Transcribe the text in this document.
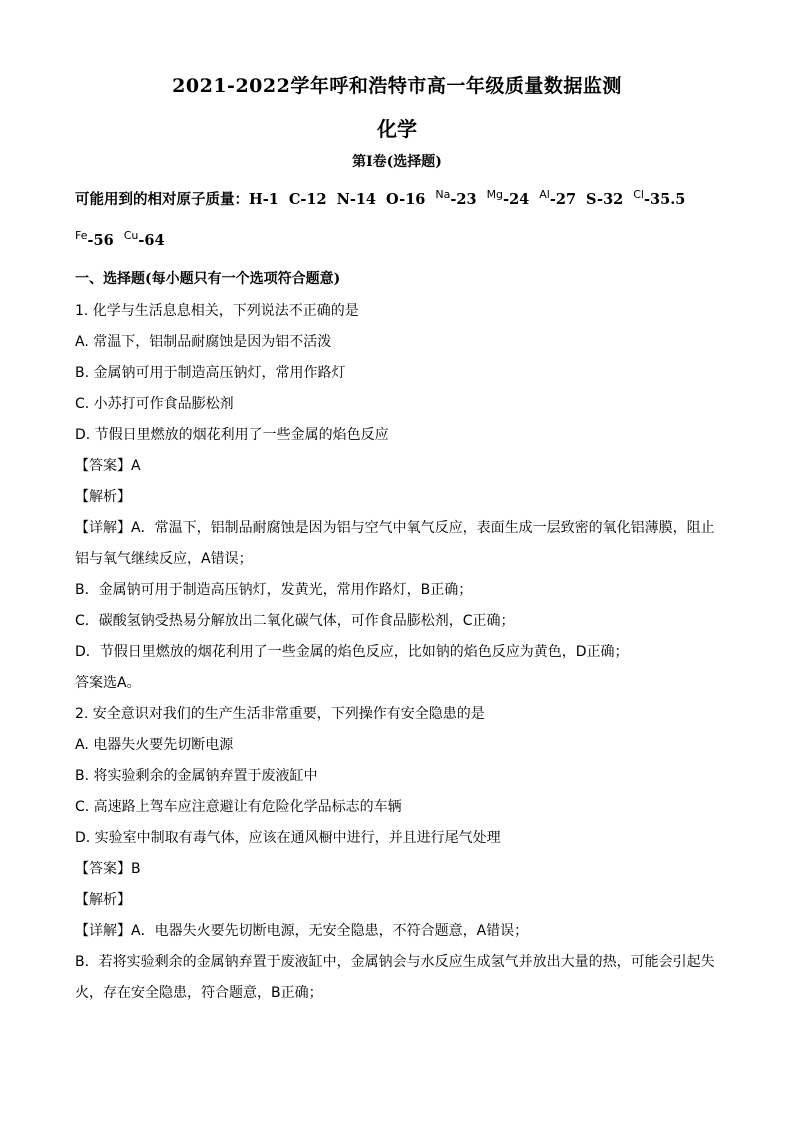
2021-2022学年呼和浩特市高一年级质量数据监测
化学
第Ⅰ卷(选择题)
可能用到的相对原子质量：H-1 C-12 N-14 O-16 $^{Na}$-23 $^{Mg}$-24 $^{Al}$-27 S-32 $^{Cl}$-35.5
$^{Fe}$-56 $^{Cu}$-64
一、选择题(每小题只有一个选项符合题意)
1. 化学与生活息息相关，下列说法不正确的是
A. 常温下，铝制品耐腐蚀是因为铝不活泼
B. 金属钠可用于制造高压钠灯，常用作路灯
C. 小苏打可作食品膨松剂
D. 节假日里燃放的烟花利用了一些金属的焰色反应
【答案】A
【解析】
【详解】A．常温下，铝制品耐腐蚀是因为铝与空气中氧气反应，表面生成一层致密的氧化铝薄膜，阻止
铝与氧气继续反应，A错误；
B．金属钠可用于制造高压钠灯，发黄光，常用作路灯，B正确；
C．碳酸氢钠受热易分解放出二氧化碳气体，可作食品膨松剂，C正确；
D．节假日里燃放的烟花利用了一些金属的焰色反应，比如钠的焰色反应为黄色，D正确；
答案选A。
2. 安全意识对我们的生产生活非常重要，下列操作有安全隐患的是
A. 电器失火要先切断电源
B. 将实验剩余的金属钠弃置于废液缸中
C. 高速路上驾车应注意避让有危险化学品标志的车辆
D. 实验室中制取有毒气体，应该在通风橱中进行，并且进行尾气处理
【答案】B
【解析】
【详解】A．电器失火要先切断电源，无安全隐患，不符合题意，A错误；
B．若将实验剩余的金属钠弃置于废液缸中，金属钠会与水反应生成氢气并放出大量的热，可能会引起失
火，存在安全隐患，符合题意，B正确；
